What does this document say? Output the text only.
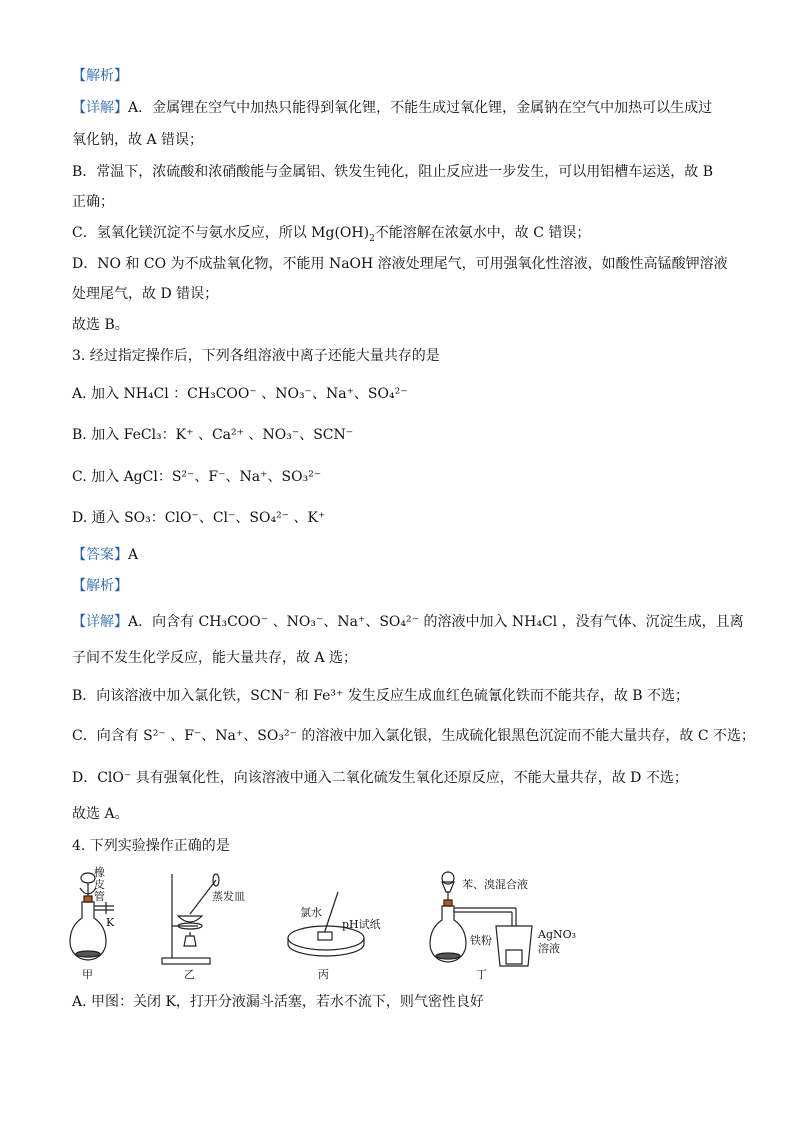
【解析】
【详解】A．金属锂在空气中加热只能得到氧化锂，不能生成过氧化锂，金属钠在空气中加热可以生成过
氧化钠，故 A 错误；
B．常温下，浓硫酸和浓硝酸能与金属铝、铁发生钝化，阻止反应进一步发生，可以用铝槽车运送，故 B
正确；
C．氢氧化镁沉淀不与氨水反应，所以 $Mg(OH)_2$不能溶解在浓氨水中，故 C 错误；
D．NO 和 CO 为不成盐氧化物，不能用 NaOH 溶液处理尾气，可用强氧化性溶液，如酸性高锰酸钾溶液
处理尾气，故 D 错误；
故选 B。
3. 经过指定操作后，下列各组溶液中离子还能大量共存的是
A. 加入 NH₄Cl ：CH₃COO⁻ 、NO₃⁻、Na⁺、SO₄²⁻
B. 加入 FeCl₃：K⁺ 、Ca²⁺ 、NO₃⁻、SCN⁻
C. 加入 AgCl：S²⁻、F⁻、Na⁺、SO₃²⁻
D. 通入 SO₃：ClO⁻、Cl⁻、SO₄²⁻ 、K⁺
【答案】A
【解析】
【详解】A．向含有 CH₃COO⁻ 、NO₃⁻、Na⁺、SO₄²⁻ 的溶液中加入 NH₄Cl ，没有气体、沉淀生成，且离
子间不发生化学反应，能大量共存，故 A 选；
B．向该溶液中加入氯化铁，SCN⁻ 和 Fe³⁺ 发生反应生成血红色硫氰化铁而不能共存，故 B 不选；
C．向含有 S²⁻ 、F⁻、Na⁺、SO₃²⁻ 的溶液中加入氯化银，生成硫化银黑色沉淀而不能大量共存，故 C 不选；
D．ClO⁻ 具有强氧化性，向该溶液中通入二氧化硫发生氧化还原反应，不能大量共存，故 D 不选；
故选 A。
4. 下列实验操作正确的是
橡
皮
管
K
甲
蒸发皿
乙
氯水
pH试纸
丙
苯、溴混合液
铁粉	AgNO₃
溶液
丁
A. 甲图：关闭 K，打开分液漏斗活塞，若水不流下，则气密性良好
